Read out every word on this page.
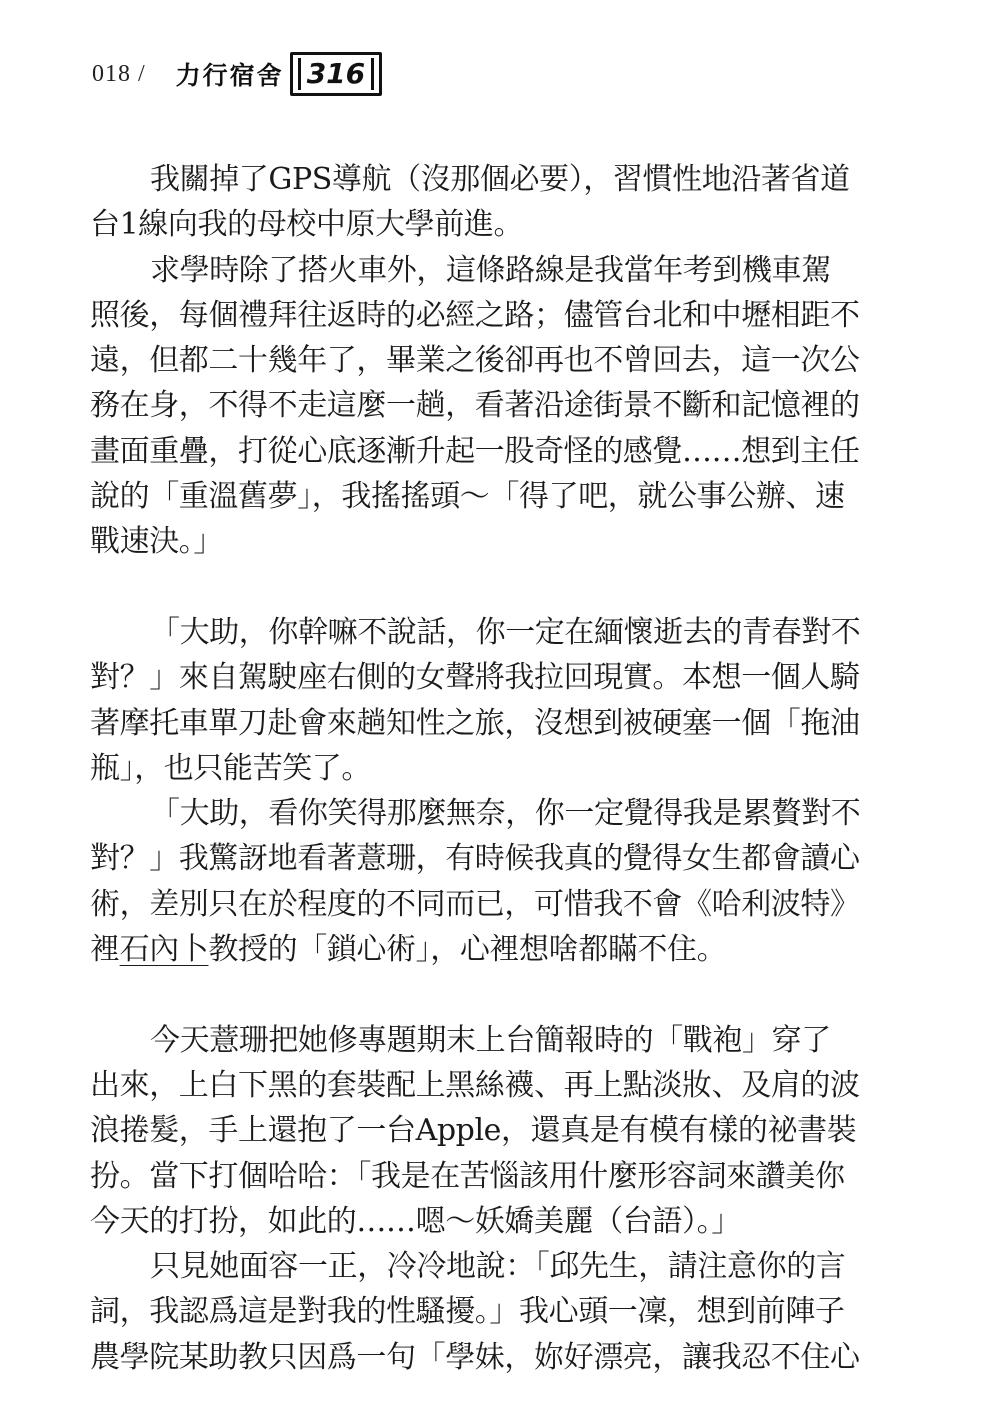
018 / 力行宿舍 316
我關掉了GPS導航（沒那個必要），習慣性地沿著省道
台1線向我的母校中原大學前進。
求學時除了搭火車外，這條路線是我當年考到機車駕
照後，每個禮拜往返時的必經之路；儘管台北和中壢相距不
遠，但都二十幾年了，畢業之後卻再也不曾回去，這一次公
務在身，不得不走這麼一趟，看著沿途街景不斷和記憶裡的
畫面重疊，打從心底逐漸升起一股奇怪的感覺……想到主任
說的「重溫舊夢」，我搖搖頭～「得了吧，就公事公辦、速
戰速決。」
「大助，你幹嘛不說話，你一定在緬懷逝去的青春對不
對？」來自駕駛座右側的女聲將我拉回現實。本想一個人騎
著摩托車單刀赴會來趟知性之旅，沒想到被硬塞一個「拖油
瓶」，也只能苦笑了。
「大助，看你笑得那麼無奈，你一定覺得我是累贅對不
對？」我驚訝地看著薏珊，有時候我真的覺得女生都會讀心
術，差別只在於程度的不同而已，可惜我不會《哈利波特》
裡石內卜教授的「鎖心術」，心裡想啥都瞞不住。
今天薏珊把她修專題期末上台簡報時的「戰袍」穿了
出來，上白下黑的套裝配上黑絲襪、再上點淡妝、及肩的波
浪捲髮，手上還抱了一台Apple，還真是有模有樣的祕書裝
扮。當下打個哈哈：「我是在苦惱該用什麼形容詞來讚美你
今天的打扮，如此的……嗯～妖嬌美麗（台語）。」
只見她面容一正，冷冷地說：「邱先生，請注意你的言
詞，我認爲這是對我的性騷擾。」我心頭一凜，想到前陣子
農學院某助教只因爲一句「學妹，妳好漂亮，讓我忍不住心
